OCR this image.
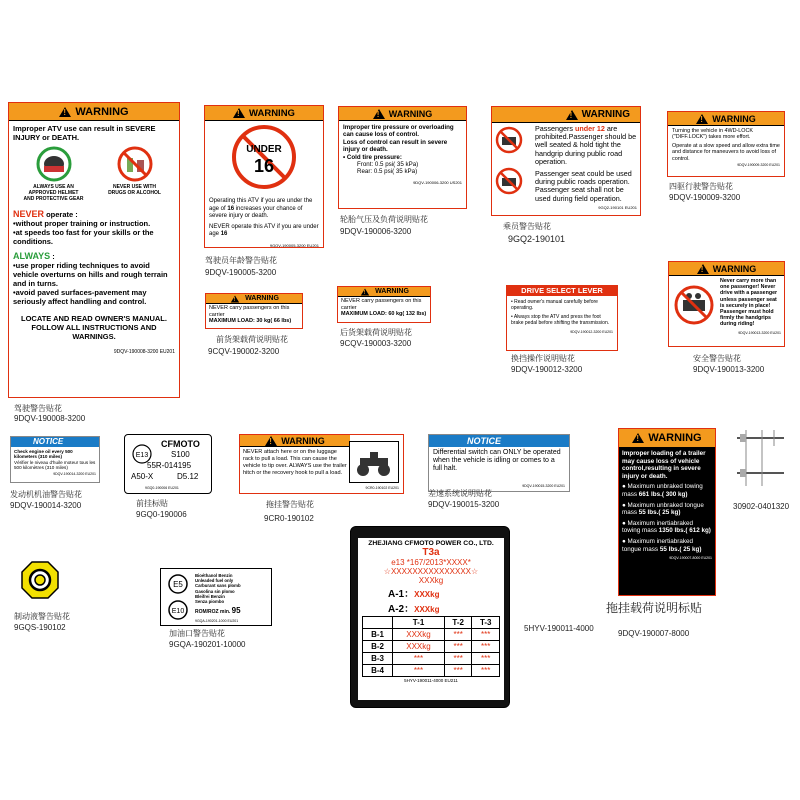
!
WARNING
Improper ATV use can result in SEVERE INJURY or DEATH.
ALWAYS USE AN APPROVED HELMET AND PROTECTIVE GEAR
NEVER USE WITH DRUGS OR ALCOHOL
NEVER operate :
•without proper training or instruction.
•at speeds too fast for your skills or the conditions.
ALWAYS :
•use proper riding techniques to avoid vehicle overturns on hills and rough terrain and in turns.
•avoid paved surfaces-pavement may seriously affect handling and control.
LOCATE AND READ OWNER'S MANUAL. FOLLOW ALL INSTRUCTIONS AND WARNINGS.
9DQV-190008-3200 EU201
驾驶警告贴花
9DQV-190008-3200
!
WARNING
UNDER
16
Operating this ATV if you are under the age of 16 increases your chance of severe injury or death.
NEVER operate this ATV if you are under age 16
9GQV-190005-3200 EU201
驾驶员年龄警告贴花
9DQV-190005-3200
!
WARNING
Improper tire pressure or overloading can cause loss of control.
Loss of control can result in severe injury or death.
• Cold tire pressure:
Front: 0.5 psi( 35 kPa)
Rear: 0.5 psi( 35 kPa)
9DQV-190006-3200 US201
轮胎气压及负荷说明贴花
9DQV-190006-3200
!
WARNING

Passengers under 12 are prohibited.Passenger should be well seated & hold tight the handgrip during public road operation.
Passenger seat could be used during public roads operation. Passenger seat shall not be used during field operation.
9GQ2-190101 EU201
乘员警告贴花
9GQ2-190101
!
WARNING
Turning the vehicle in 4WD-LOCK ("DIFF.LOCK") takes more effort.
Operate at a slow speed and allow extra time and distance for maneuvers to avoid loss of control.
9DQV-190009-3200 EU201
四驱行驶警告贴花
9DQV-190009-3200
!
WARNING
NEVER carry passengers on this carrier
MAXIMUM LOAD: 30 kg( 66 lbs)
前货架载荷说明贴花
9CQV-190002-3200
!
WARNING
NEVER carry passengers on this carrier
MAXIMUM LOAD: 60 kg( 132 lbs)
后货架载荷说明贴花
9CQV-190003-3200
DRIVE SELECT LEVER
• Read owner's manual carefully before operating.
• Always stop the ATV and press the foot brake pedal before shifting the transmission.
9DQV-190012-3200 EU201
换挡操作说明贴花
9DQV-190012-3200
!
WARNING
Never carry more than one passenger! Never drive with a passenger unless passenger seat is securely in place! Passenger must hold firmly the handgrips during riding!
9DQV-190013-3200 EU201
安全警告贴花
9DQV-190013-3200
NOTICE
Check engine oil every 500 kilometers (310 miles)
Vérifier le niveau d'huile moteur tous les 500 kilomètres (310 miles)
9DQV-190014-3200 EU201
发动机机油警告贴花
9DQV-190014-3200
E13
CFMOTO
S100
55R-014195
A50-X	D5.12
9GQ0-190006 EU201
前挂标贴
9GQ0-190006
!
WARNING
NEVER attach here or on the luggage rack to pull a load. This can cause the vehicle to tip over. ALWAYS use the trailer hitch or the recovery hook to pull a load.
9CR0-190102 EU201
拖挂警告贴花
9CR0-190102
NOTICE
Differential switch can ONLY be operated when the vehicle is idling or comes to a full halt.
9DQV-190015-3200 EU201
差速系统说明贴花
9DQV-190015-3200
!
WARNING
Improper loading of a trailer may cause loss of vehicle control,resulting in severe injury or death.
● Maximum unbraked towing mass 661 lbs.( 300 kg)
● Maximum unbraked tongue mass 55 lbs.( 25 kg)
● Maximum inertiabraked towing mass 1350 lbs.( 612 kg)
● Maximum inertiabraked tongue mass 55 lbs.( 25 kg)
9DQV-190007-8000 EU201
拖挂载荷说明标贴
9DQV-190007-8000
30902-0401320
制动液警告贴花
9GQS-190102
E5
E10
Bioéthanol Benzin
Unleaded fuel only
Carburant sans plomb
Gasolina sin plomo
Bleifrei Benzin
Senza piombo
ROM/ROZ min. 95
9GQA-190201-1000 EU201
加油口警告贴花
9GQA-190201-10000
ZHEJIANG CFMOTO POWER CO., LTD.
T3a
e13 *167/2013*XXXX*
☆XXXXXXXXXXXXXXX☆
XXXkg
A-1：XXXkg
A-2：XXXkg
	T-1	T-2	T-3
B-1	XXXkg	***	***
B-2	XXXkg	***	***
B-3	***	***	***
B-4	***	***	***
5HYV-190011-4000 EU211
5HYV-190011-4000
